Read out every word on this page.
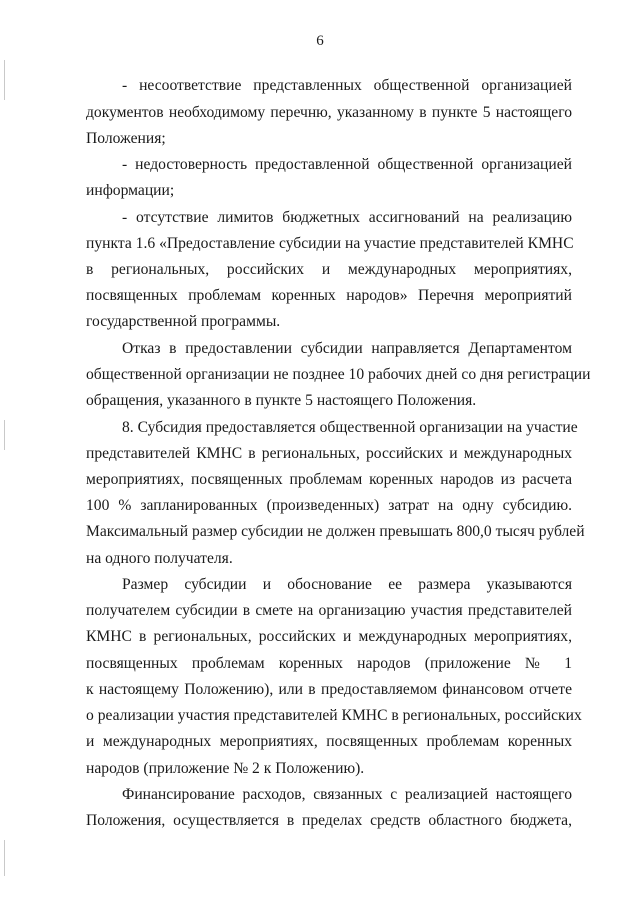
6
- несоответствие представленных общественной организацией
документов необходимому перечню, указанному в пункте 5 настоящего
Положения;
- недостоверность предоставленной общественной организацией
информации;
- отсутствие лимитов бюджетных ассигнований на реализацию
пункта 1.6 «Предоставление субсидии на участие представителей КМНС
в региональных, российских и международных мероприятиях,
посвященных проблемам коренных народов» Перечня мероприятий
государственной программы.
Отказ в предоставлении субсидии направляется Департаментом
общественной организации не позднее 10 рабочих дней со дня регистрации
обращения, указанного в пункте 5 настоящего Положения.
8. Субсидия предоставляется общественной организации на участие
представителей КМНС в региональных, российских и международных
мероприятиях, посвященных проблемам коренных народов из расчета
100 % запланированных (произведенных) затрат на одну субсидию.
Максимальный размер субсидии не должен превышать 800,0 тысяч рублей
на одного получателя.
Размер субсидии и обоснование ее размера указываются
получателем субсидии в смете на организацию участия представителей
КМНС в региональных, российских и международных мероприятиях,
посвященных проблемам коренных народов (приложение № 1
к настоящему Положению), или в предоставляемом финансовом отчете
о реализации участия представителей КМНС в региональных, российских
и международных мероприятиях, посвященных проблемам коренных
народов (приложение № 2 к Положению).
Финансирование расходов, связанных с реализацией настоящего
Положения, осуществляется в пределах средств областного бюджета,
